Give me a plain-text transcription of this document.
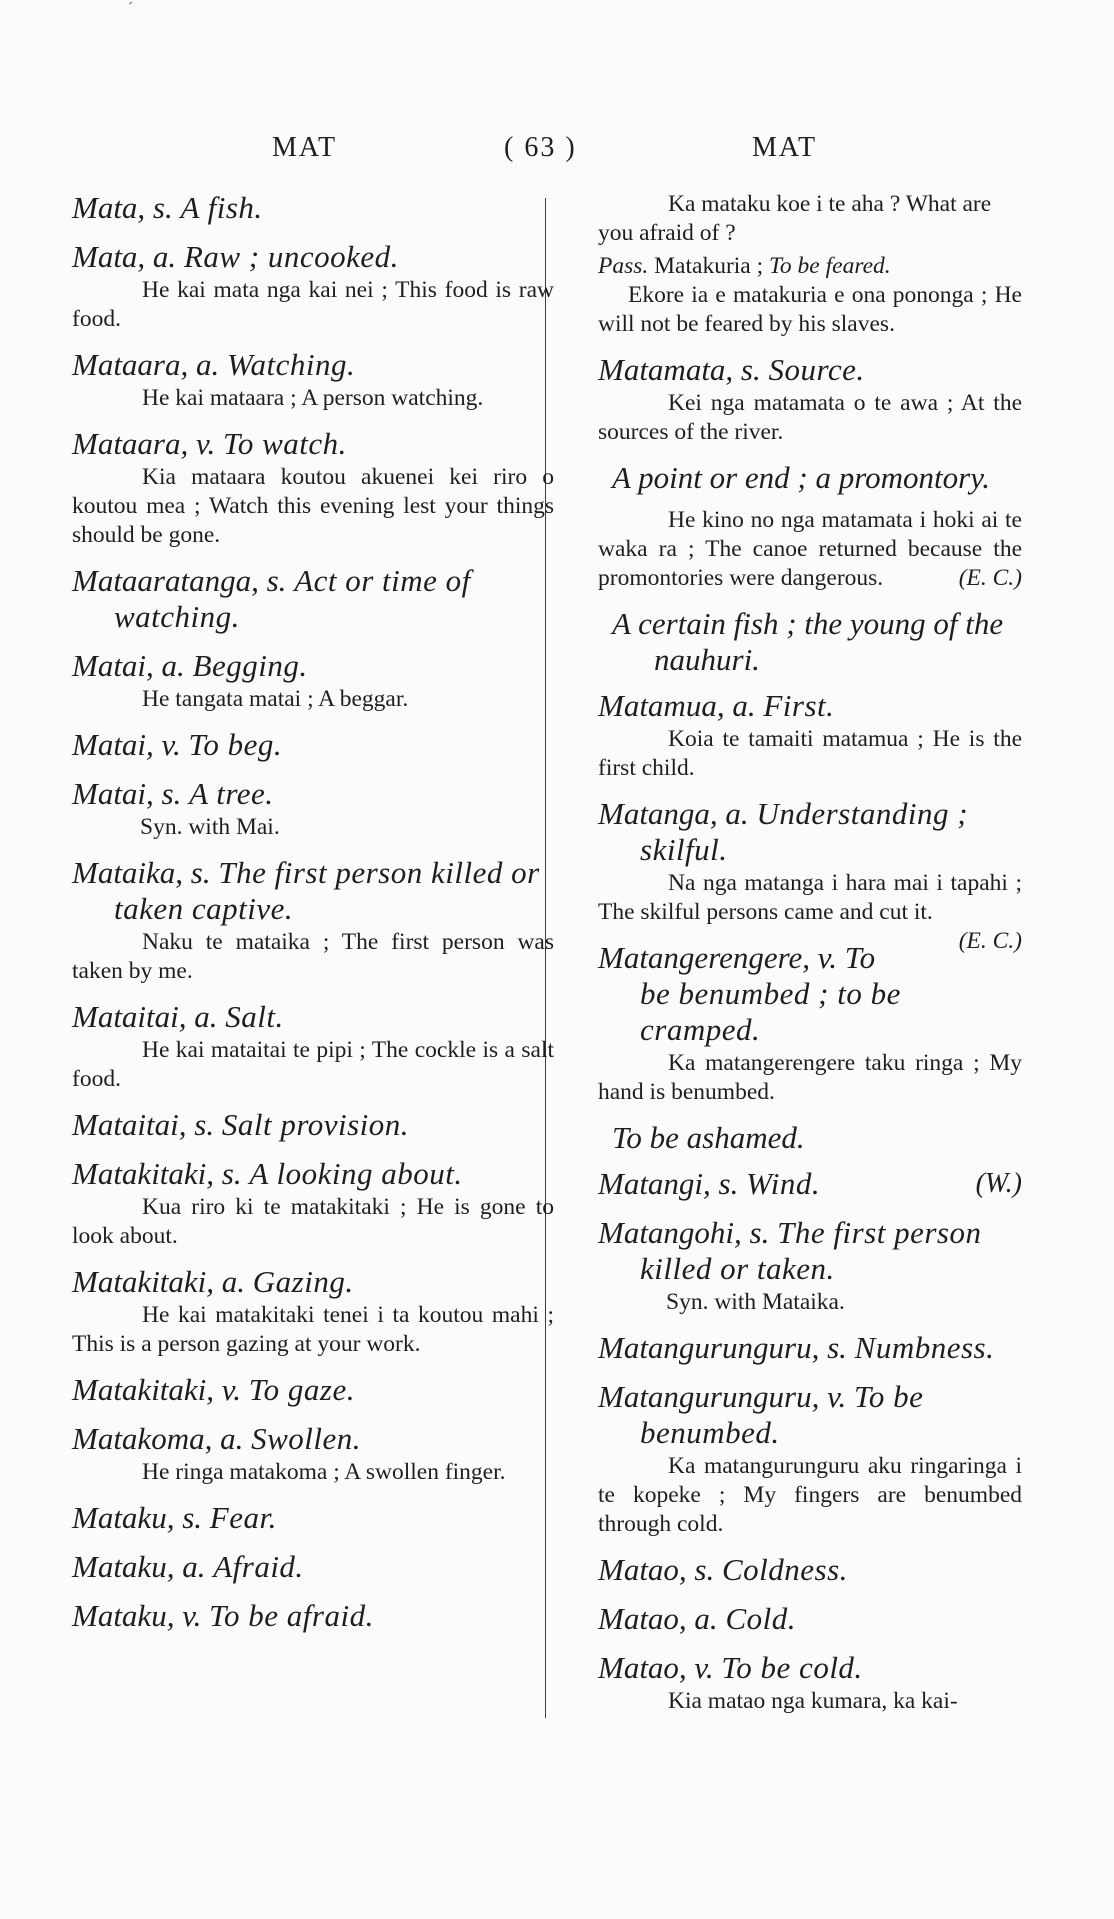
´
MAT	( 63 )	MAT
Mata, s. A fish.
Mata, a. Raw ; uncooked.
He kai mata nga kai nei ; This food is raw food.
Mataara, a. Watching.
He kai mataara ; A person watching.
Mataara, v. To watch.
Kia mataara koutou akuenei kei riro o koutou mea ; Watch this evening lest your things should be gone.
Mataaratanga, s. Act or time of watching.
Matai, a. Begging.
He tangata matai ; A beggar.
Matai, v. To beg.
Matai, s. A tree.
Syn. with Mai.
Mataika, s. The first person killed or taken captive.
Naku te mataika ; The first person was taken by me.
Mataitai, a. Salt.
He kai mataitai te pipi ; The cockle is a salt food.
Mataitai, s. Salt provision.
Matakitaki, s. A looking about.
Kua riro ki te matakitaki ; He is gone to look about.
Matakitaki, a. Gazing.
He kai matakitaki tenei i ta koutou mahi ; This is a person gazing at your work.
Matakitaki, v. To gaze.
Matakoma, a. Swollen.
He ringa matakoma ; A swollen finger.
Mataku, s. Fear.
Mataku, a. Afraid.
Mataku, v. To be afraid.
Ka mataku koe i te aha ? What are you afraid of ?
Pass. Matakuria ; To be feared.
Ekore ia e matakuria e ona pononga ; He will not be feared by his slaves.
Matamata, s. Source.
Kei nga matamata o te awa ; At the sources of the river.
A point or end ; a promontory.
He kino no nga matamata i hoki ai te waka ra ; The canoe returned because the promontories were dangerous.	(E. C.)
A certain fish ; the young of the nauhuri.
Matamua, a. First.
Koia te tamaiti matamua ; He is the first child.
Matanga, a. Understanding ; skilful.
Na nga matanga i hara mai i tapahi ; The skilful persons came and cut it.
(E. C.)
Matangerengere, v. To be benumbed ; to be cramped.
Ka matangerengere taku ringa ; My hand is benumbed.
To be ashamed.
Matangi, s. Wind.	(W.)
Matangohi, s. The first person killed or taken.
Syn. with Mataika.
Matangurunguru, s. Numbness.
Matangurunguru, v. To be benumbed.
Ka matangurunguru aku ringaringa i te kopeke ; My fingers are benumbed through cold.
Matao, s. Coldness.
Matao, a. Cold.
Matao, v. To be cold.
Kia matao nga kumara, ka kai-
